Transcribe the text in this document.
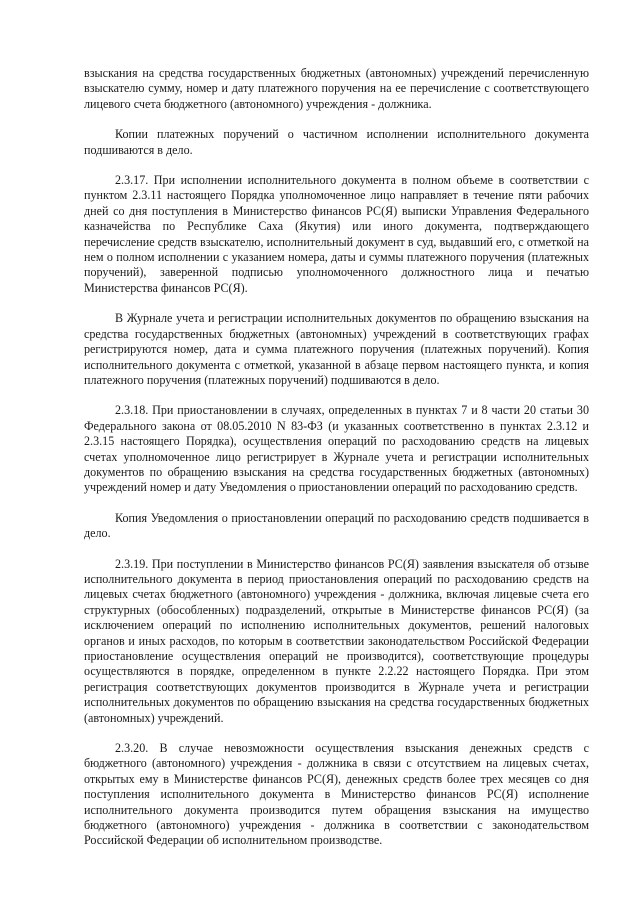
взыскания на средства государственных бюджетных (автономных) учреждений перечисленную взыскателю сумму, номер и дату платежного поручения на ее перечисление с соответствующего лицевого счета бюджетного (автономного) учреждения - должника.

Копии платежных поручений о частичном исполнении исполнительного документа подшиваются в дело.

2.3.17. При исполнении исполнительного документа в полном объеме в соответствии с пунктом 2.3.11 настоящего Порядка уполномоченное лицо направляет в течение пяти рабочих дней со дня поступления в Министерство финансов РС(Я) выписки Управления Федерального казначейства по Республике Саха (Якутия) или иного документа, подтверждающего перечисление средств взыскателю, исполнительный документ в суд, выдавший его, с отметкой на нем о полном исполнении с указанием номера, даты и суммы платежного поручения (платежных поручений), заверенной подписью уполномоченного должностного лица и печатью Министерства финансов РС(Я).

В Журнале учета и регистрации исполнительных документов по обращению взыскания на средства государственных бюджетных (автономных) учреждений в соответствующих графах регистрируются номер, дата и сумма платежного поручения (платежных поручений). Копия исполнительного документа с отметкой, указанной в абзаце первом настоящего пункта, и копия платежного поручения (платежных поручений) подшиваются в дело.

2.3.18. При приостановлении в случаях, определенных в пунктах 7 и 8 части 20 статьи 30 Федерального закона от 08.05.2010 N 83-ФЗ (и указанных соответственно в пунктах 2.3.12 и 2.3.15 настоящего Порядка), осуществления операций по расходованию средств на лицевых счетах уполномоченное лицо регистрирует в Журнале учета и регистрации исполнительных документов по обращению взыскания на средства государственных бюджетных (автономных) учреждений номер и дату Уведомления о приостановлении операций по расходованию средств.

Копия Уведомления о приостановлении операций по расходованию средств подшивается в дело.

2.3.19. При поступлении в Министерство финансов РС(Я) заявления взыскателя об отзыве исполнительного документа в период приостановления операций по расходованию средств на лицевых счетах бюджетного (автономного) учреждения - должника, включая лицевые счета его структурных (обособленных) подразделений, открытые в Министерстве финансов РС(Я) (за исключением операций по исполнению исполнительных документов, решений налоговых органов и иных расходов, по которым в соответствии законодательством Российской Федерации приостановление осуществления операций не производится), соответствующие процедуры осуществляются в порядке, определенном в пункте 2.2.22 настоящего Порядка. При этом регистрация соответствующих документов производится в Журнале учета и регистрации исполнительных документов по обращению взыскания на средства государственных бюджетных (автономных) учреждений.

2.3.20. В случае невозможности осуществления взыскания денежных средств с бюджетного (автономного) учреждения - должника в связи с отсутствием на лицевых счетах, открытых ему в Министерстве финансов РС(Я), денежных средств более трех месяцев со дня поступления исполнительного документа в Министерство финансов РС(Я) исполнение исполнительного документа производится путем обращения взыскания на имущество бюджетного (автономного) учреждения - должника в соответствии с законодательством Российской Федерации об исполнительном производстве.
